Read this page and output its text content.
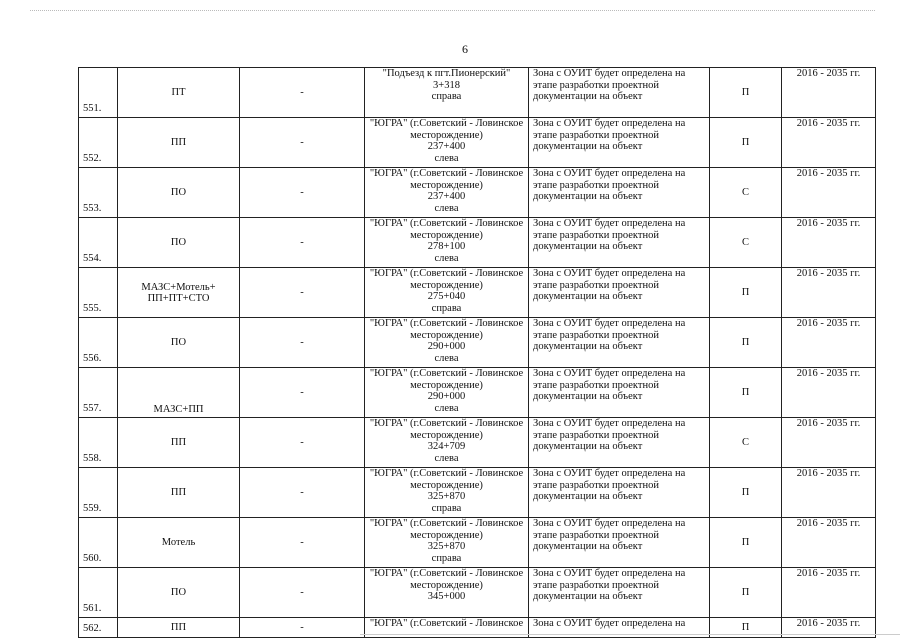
6
551.	ПТ	-	"Подъезд к пгт.Пионерский"
3+318
справа	Зона с ОУИТ будет определена на
этапе разработки проектной
документации на объект	П	2016 - 2035 гг.
552.	ПП	-	"ЮГРА" (г.Советский - Ловинское
месторождение)
237+400
слева	Зона с ОУИТ будет определена на
этапе разработки проектной
документации на объект	П	2016 - 2035 гг.
553.	ПО	-	"ЮГРА" (г.Советский - Ловинское
месторождение)
237+400
слева	Зона с ОУИТ будет определена на
этапе разработки проектной
документации на объект	С	2016 - 2035 гг.
554.	ПО	-	"ЮГРА" (г.Советский - Ловинское
месторождение)
278+100
слева	Зона с ОУИТ будет определена на
этапе разработки проектной
документации на объект	С	2016 - 2035 гг.
555.	МАЗС+Мотель+
ПП+ПТ+СТО	-	"ЮГРА" (г.Советский - Ловинское
месторождение)
275+040
справа	Зона с ОУИТ будет определена на
этапе разработки проектной
документации на объект	П	2016 - 2035 гг.
556.	ПО	-	"ЮГРА" (г.Советский - Ловинское
месторождение)
290+000
слева	Зона с ОУИТ будет определена на
этапе разработки проектной
документации на объект	П	2016 - 2035 гг.
557.	МАЗС+ПП	-	"ЮГРА" (г.Советский - Ловинское
месторождение)
290+000
слева	Зона с ОУИТ будет определена на
этапе разработки проектной
документации на объект	П	2016 - 2035 гг.
558.	ПП	-	"ЮГРА" (г.Советский - Ловинское
месторождение)
324+709
слева	Зона с ОУИТ будет определена на
этапе разработки проектной
документации на объект	С	2016 - 2035 гг.
559.	ПП	-	"ЮГРА" (г.Советский - Ловинское
месторождение)
325+870
справа	Зона с ОУИТ будет определена на
этапе разработки проектной
документации на объект	П	2016 - 2035 гг.
560.	Мотель	-	"ЮГРА" (г.Советский - Ловинское
месторождение)
325+870
справа	Зона с ОУИТ будет определена на
этапе разработки проектной
документации на объект	П	2016 - 2035 гг.
561.	ПО	-	"ЮГРА" (г.Советский - Ловинское
месторождение)
345+000	Зона с ОУИТ будет определена на
этапе разработки проектной
документации на объект	П	2016 - 2035 гг.
562.	ПП	-	"ЮГРА" (г.Советский - Ловинское	Зона с ОУИТ будет определена на	П	2016 - 2035 гг.
